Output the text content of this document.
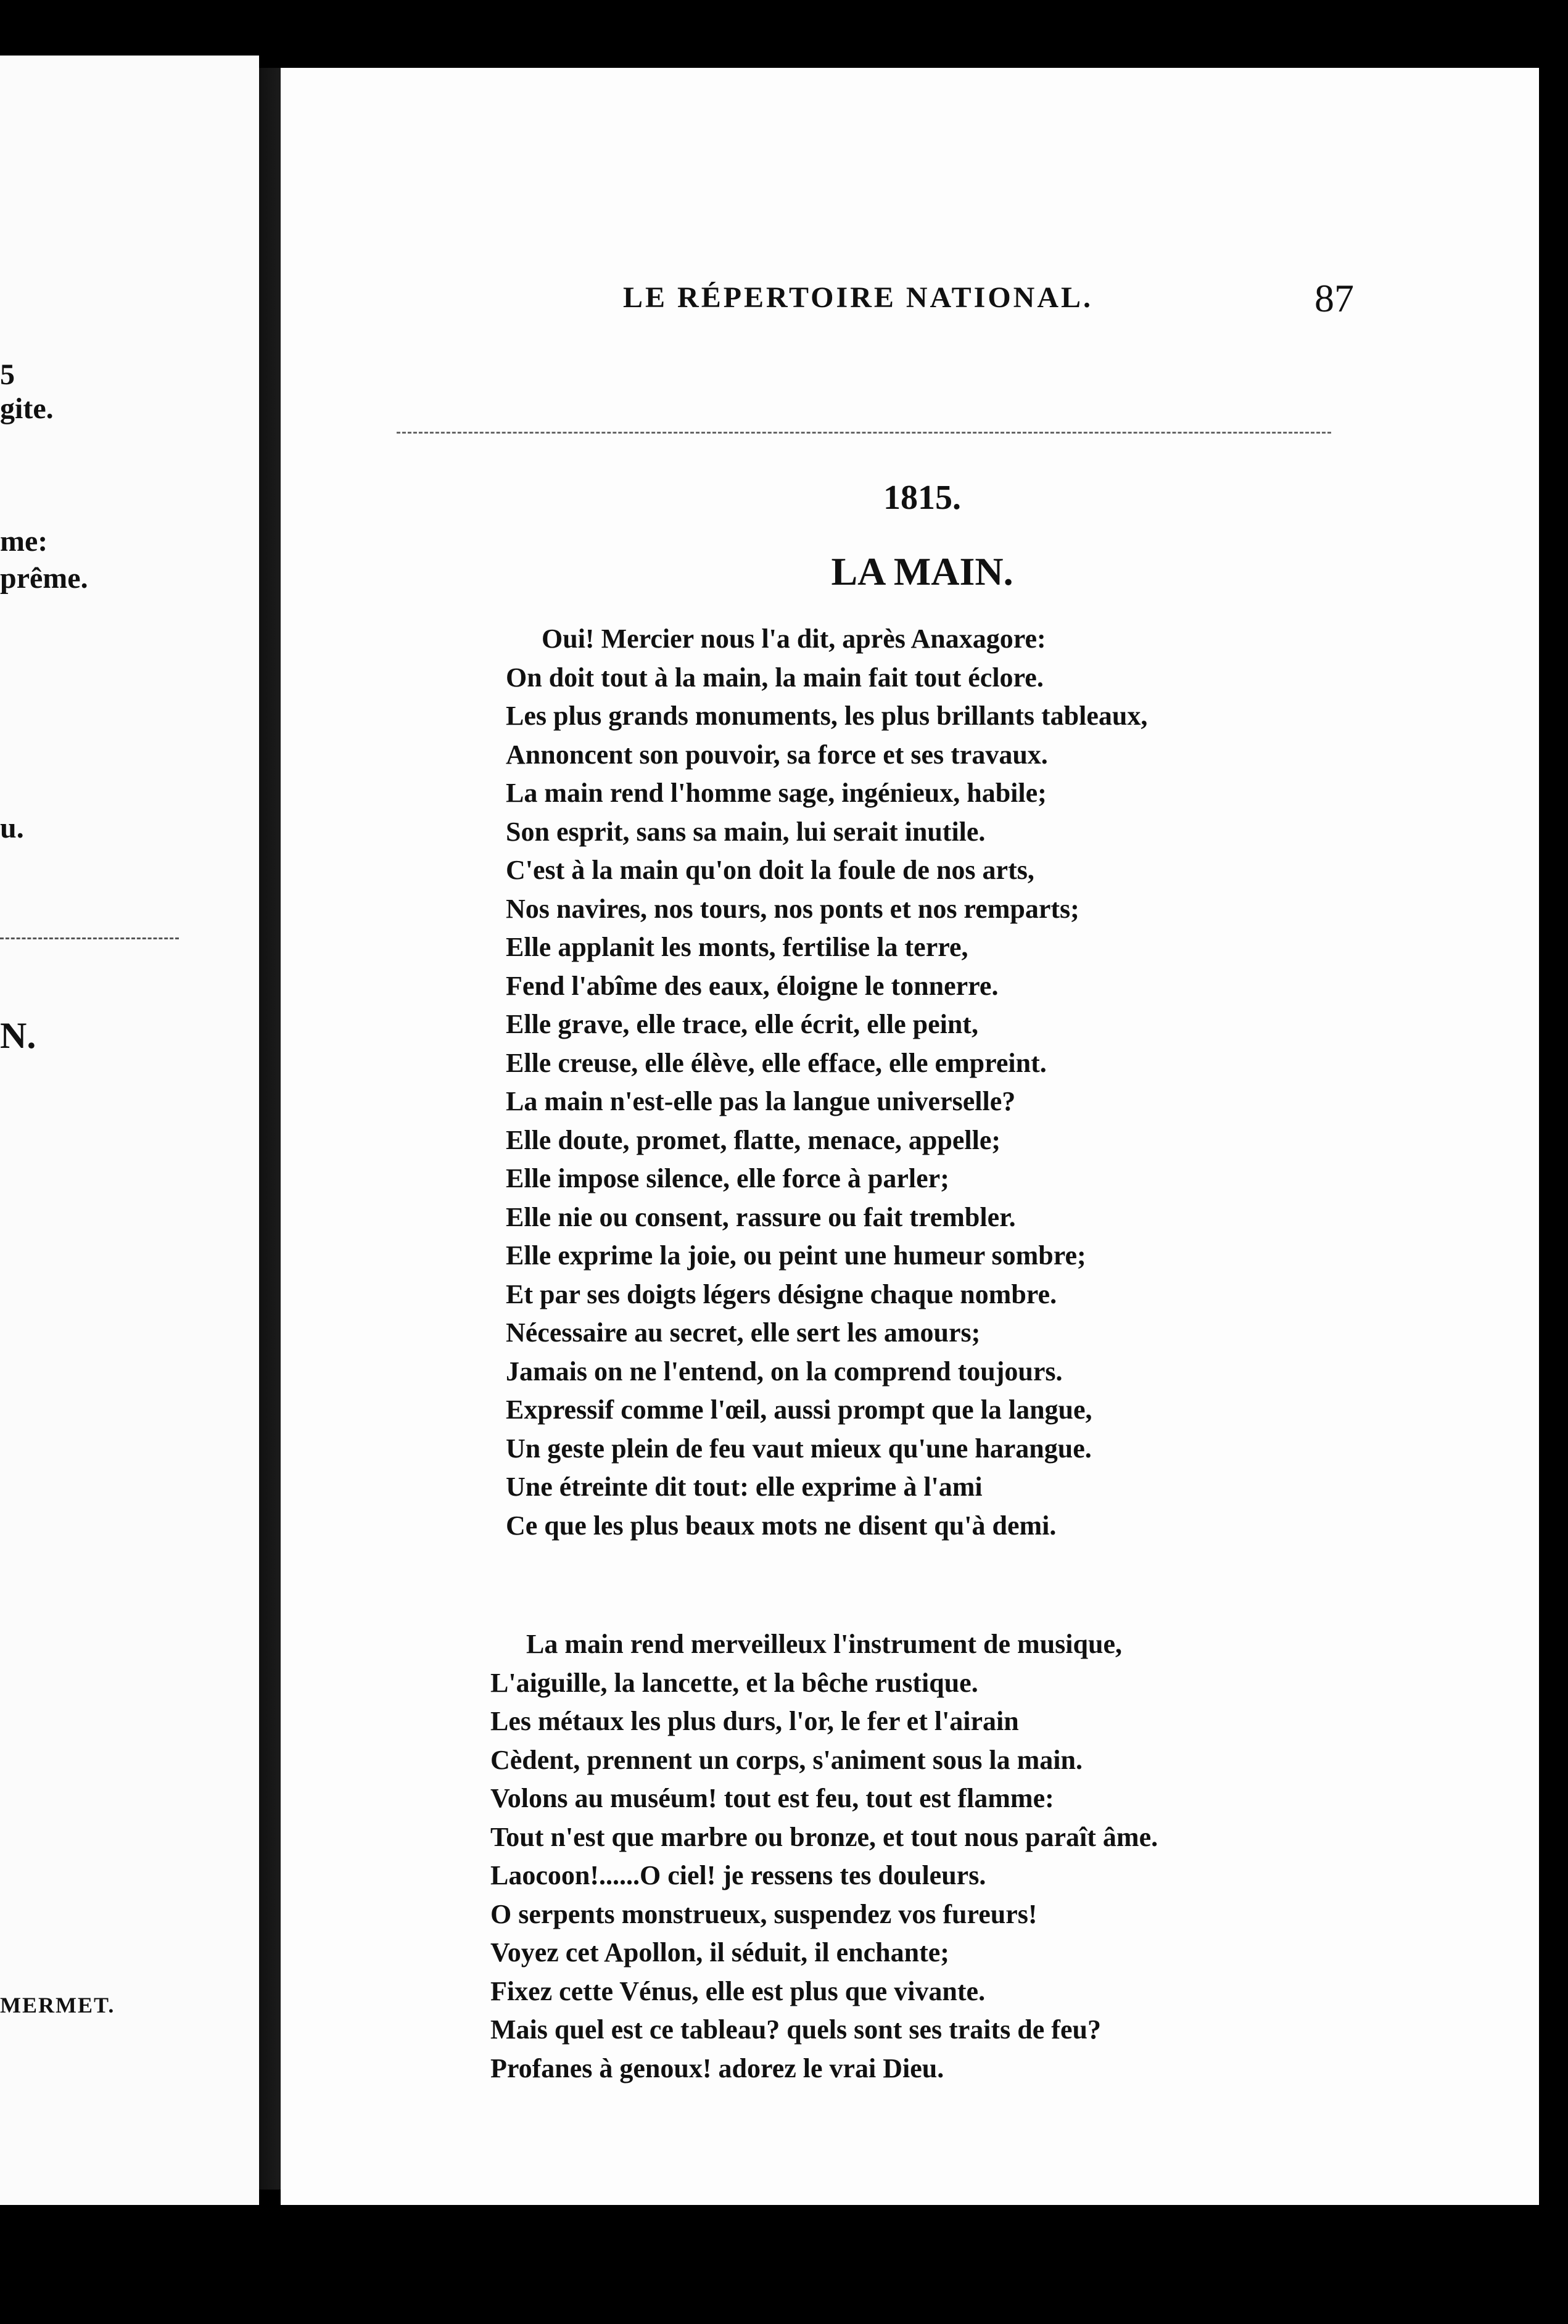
5
gite.
me:
prême.
u.
N.
MERMET.
LE RÉPERTOIRE NATIONAL.	87
1815.
LA MAIN.
Oui! Mercier nous l'a dit, après Anaxagore:
On doit tout à la main, la main fait tout éclore.
Les plus grands monuments, les plus brillants tableaux,
Annoncent son pouvoir, sa force et ses travaux.
La main rend l'homme sage, ingénieux, habile;
Son esprit, sans sa main, lui serait inutile.
C'est à la main qu'on doit la foule de nos arts,
Nos navires, nos tours, nos ponts et nos remparts;
Elle applanit les monts, fertilise la terre,
Fend l'abîme des eaux, éloigne le tonnerre.
Elle grave, elle trace, elle écrit, elle peint,
Elle creuse, elle élève, elle efface, elle empreint.
La main n'est-elle pas la langue universelle?
Elle doute, promet, flatte, menace, appelle;
Elle impose silence, elle force à parler;
Elle nie ou consent, rassure ou fait trembler.
Elle exprime la joie, ou peint une humeur sombre;
Et par ses doigts légers désigne chaque nombre.
Nécessaire au secret, elle sert les amours;
Jamais on ne l'entend, on la comprend toujours.
Expressif comme l'œil, aussi prompt que la langue,
Un geste plein de feu vaut mieux qu'une harangue.
Une étreinte dit tout: elle exprime à l'ami
Ce que les plus beaux mots ne disent qu'à demi.
La main rend merveilleux l'instrument de musique,
L'aiguille, la lancette, et la bêche rustique.
Les métaux les plus durs, l'or, le fer et l'airain
Cèdent, prennent un corps, s'animent sous la main.
Volons au muséum! tout est feu, tout est flamme:
Tout n'est que marbre ou bronze, et tout nous paraît âme.
Laocoon!......O ciel! je ressens tes douleurs.
O serpents monstrueux, suspendez vos fureurs!
Voyez cet Apollon, il séduit, il enchante;
Fixez cette Vénus, elle est plus que vivante.
Mais quel est ce tableau? quels sont ses traits de feu?
Profanes à genoux! adorez le vrai Dieu.
